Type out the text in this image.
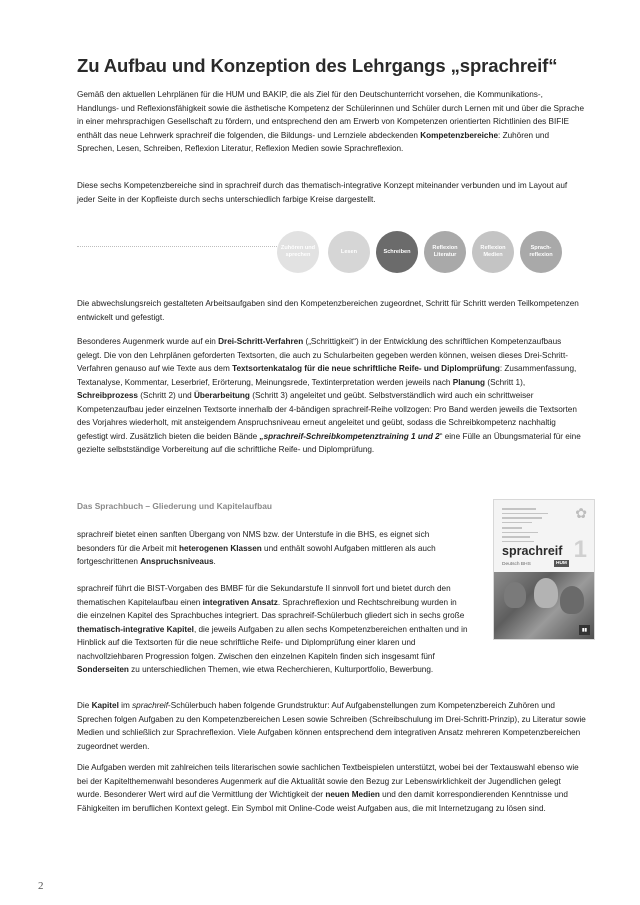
Zu Aufbau und Konzeption des Lehrgangs „sprachreif“

Gemäß den aktuellen Lehrplänen für die HUM und BAKIP, die als Ziel für den Deutschunterricht vorsehen, die Kommunikations-, Handlungs- und Reflexionsfähigkeit sowie die ästhetische Kompetenz der Schülerinnen und Schüler durch Lernen mit und über die Sprache in einer mehrsprachigen Gesellschaft zu fördern, und entsprechend den am Erwerb von Kompetenzen orientierten Richtlinien des BIFIE enthält das neue Lehrwerk sprachreif die folgenden, die Bildungs- und Lernziele abdeckenden Kompetenzbereiche: Zuhören und Sprechen, Lesen, Schreiben, Reflexion Literatur, Reflexion Medien sowie Sprachreflexion.

Diese sechs Kompetenzbereiche sind in sprachreif durch das thematisch-integrative Konzept miteinander verbunden und im Layout auf jeder Seite in der Kopfleiste durch sechs unterschiedlich farbige Kreise dargestellt.

Zuhören und sprechen
Lesen	Schreiben
Reflexion Literatur
Reflexion Medien
Sprach-reflexion

Die abwechslungsreich gestalteten Arbeitsaufgaben sind den Kompetenzbereichen zugeordnet, Schritt für Schritt werden Teilkompetenzen entwickelt und gefestigt.

Besonderes Augenmerk wurde auf ein Drei-Schritt-Verfahren („Schrittigkeit“) in der Entwicklung des schriftlichen Kompetenzaufbaus gelegt. Die von den Lehrplänen geforderten Textsorten, die auch zu Schularbeiten gegeben werden können, weisen dieses Drei-Schritt-Verfahren genauso auf wie Texte aus dem Textsortenkatalog für die neue schriftliche Reife- und Diplomprüfung: Zusammenfassung, Textanalyse, Kommentar, Leserbrief, Erörterung, Meinungsrede, Textinterpretation werden jeweils nach Planung (Schritt 1), Schreibprozess (Schritt 2) und Überarbeitung (Schritt 3) angeleitet und geübt. Selbstverständlich wird auch ein schrittweiser Kompetenzaufbau jeder einzelnen Textsorte innerhalb der 4-bändigen sprachreif-Reihe vollzogen: Pro Band werden jeweils die Textsorten des Vorjahres wiederholt, mit ansteigendem Anspruchsniveau erneut angeleitet und geübt, sodass die Schreibkompetenz nachhaltig gefestigt wird. Zusätzlich bieten die beiden Bände „sprachreif-Schreibkompetenztraining 1 und 2“ eine Fülle an Übungsmaterial für eine gezielte selbstständige Vorbereitung auf die schriftliche Reife- und Diplomprüfung.

Das Sprachbuch – Gliederung und Kapitelaufbau

sprachreif bietet einen sanften Übergang von NMS bzw. der Unterstufe in die BHS, es eignet sich besonders für die Arbeit mit heterogenen Klassen und enthält sowohl Aufgaben mittleren als auch fortgeschrittenen Anspruchsniveaus.

sprachreif führt die BIST-Vorgaben des BMBF für die Sekundarstufe II sinnvoll fort und bietet durch den thematischen Kapitelaufbau einen integrativen Ansatz. Sprachreflexion und Rechtschreibung wurden in die einzelnen Kapitel des Sprachbuches integriert. Das sprachreif-Schülerbuch gliedert sich in sechs große thematisch-integrative Kapitel, die jeweils Aufgaben zu allen sechs Kompetenzbereichen enthalten und in Hinblick auf die Textsorten für die neue schriftliche Reife- und Diplomprüfung einer klaren und nachvollziehbaren Progression folgen. Zwischen den einzelnen Kapiteln finden sich insgesamt fünf Sonderseiten zu unterschiedlichen Themen, wie etwa Recherchieren, Kulturportfolio, Bewerbung.

Die Kapitel im sprachreif-Schülerbuch haben folgende Grundstruktur: Auf Aufgabenstellungen zum Kompetenzbereich Zuhören und Sprechen folgen Aufgaben zu den Kompetenzbereichen Lesen sowie Schreiben (Schreibschulung im Drei-Schritt-Prinzip), zu Literatur sowie Medien und schließlich zur Sprachreflexion. Viele Aufgaben können entsprechend dem integrativen Ansatz mehreren Kompetenzbereichen zugeordnet werden.

Die Aufgaben werden mit zahlreichen teils literarischen sowie sachlichen Textbeispielen unterstützt, wobei bei der Textauswahl ebenso wie bei der Kapitelthemenwahl besonderes Augenmerk auf die Aktualität sowie den Bezug zur Lebenswirklichkeit der Jugendlichen gelegt wurde. Besonderer Wert wird auf die Vermittlung der Wichtigkeit der neuen Medien und den damit korrespondierenden Kenntnisse und Fähigkeiten im beruflichen Kontext gelegt. Ein Symbol mit Online-Code weist Aufgaben aus, die mit Internetzugang zu lösen sind.

✿
sprachreif 1
HUM
Deutsch BHS
▮▮
2
